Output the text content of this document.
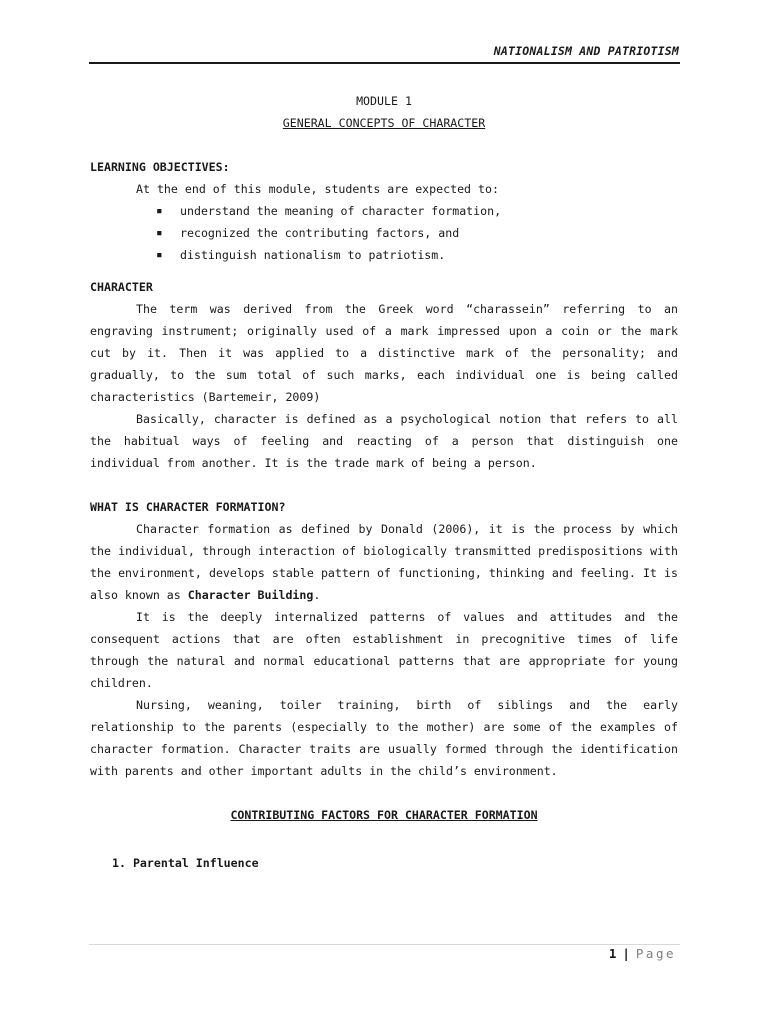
NATIONALISM AND PATRIOTISM
MODULE 1
GENERAL CONCEPTS OF CHARACTER

LEARNING OBJECTIVES:

At the end of this module, students are expected to:

▪ understand the meaning of character formation,
▪ recognized the contributing factors, and
▪ distinguish nationalism to patriotism.

CHARACTER

The term was derived from the Greek word “charassein” referring to an engraving instrument; originally used of a mark impressed upon a coin or the mark cut by it. Then it was applied to a distinctive mark of the personality; and gradually, to the sum total of such marks, each individual one is being called characteristics (Bartemeir, 2009)

Basically, character is defined as a psychological notion that refers to all the habitual ways of feeling and reacting of a person that distinguish one individual from another. It is the trade mark of being a person.

WHAT IS CHARACTER FORMATION?

Character formation as defined by Donald (2006), it is the process by which the individual, through interaction of biologically transmitted predispositions with the environment, develops stable pattern of functioning, thinking and feeling. It is also known as Character Building.

It is the deeply internalized patterns of values and attitudes and the consequent actions that are often establishment in precognitive times of life through the natural and normal educational patterns that are appropriate for young children.

Nursing, weaning, toiler training, birth of siblings and the early relationship to the parents (especially to the mother) are some of the examples of character formation. Character traits are usually formed through the identification with parents and other important adults in the child’s environment.

CONTRIBUTING FACTORS FOR CHARACTER FORMATION
1. Parental Influence
1 | Page
